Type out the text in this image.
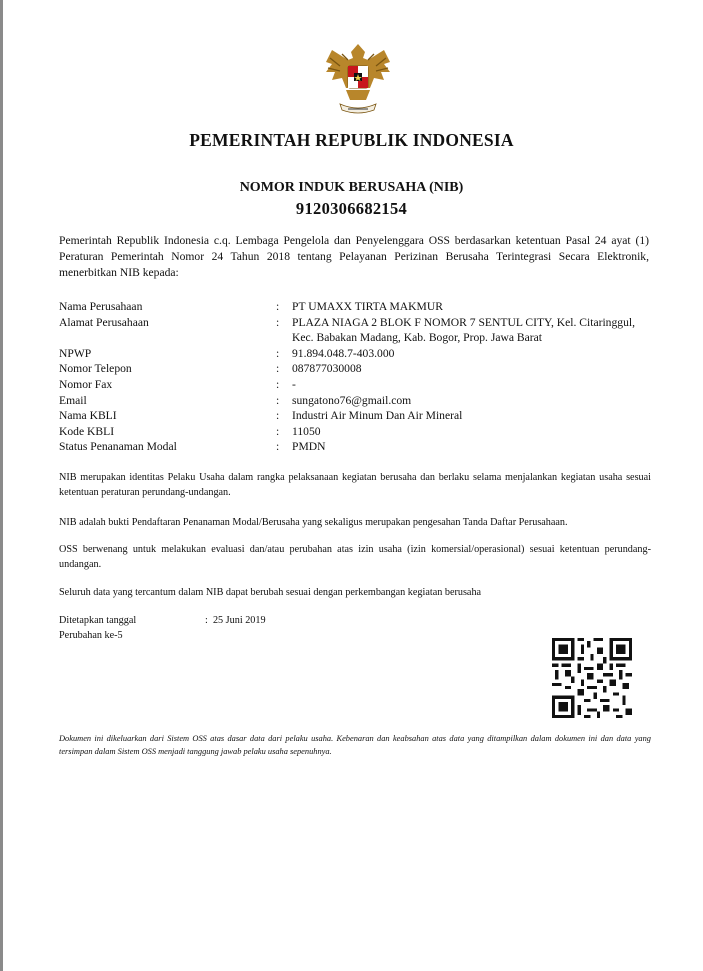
PEMERINTAH REPUBLIK INDONESIA
NOMOR INDUK BERUSAHA (NIB)
9120306682154
Pemerintah Republik Indonesia c.q. Lembaga Pengelola dan Penyelenggara OSS berdasarkan ketentuan Pasal 24 ayat (1) Peraturan Pemerintah Nomor 24 Tahun 2018 tentang Pelayanan Perizinan Berusaha Terintegrasi Secara Elektronik, menerbitkan NIB kepada:
Nama Perusahaan	:	PT UMAXX TIRTA MAKMUR
Alamat Perusahaan	:	PLAZA NIAGA 2 BLOK F NOMOR 7 SENTUL CITY, Kel. Citaringgul, Kec. Babakan Madang, Kab. Bogor, Prop. Jawa Barat
NPWP	:	91.894.048.7-403.000
Nomor Telepon	:	087877030008
Nomor Fax	:	-
Email	:	sungatono76@gmail.com
Nama KBLI	:	Industri Air Minum Dan Air Mineral
Kode KBLI	:	11050
Status Penanaman Modal	:	PMDN
NIB merupakan identitas Pelaku Usaha dalam rangka pelaksanaan kegiatan berusaha dan berlaku selama menjalankan kegiatan usaha sesuai ketentuan peraturan perundang-undangan.
NIB adalah bukti Pendaftaran Penanaman Modal/Berusaha yang sekaligus merupakan pengesahan Tanda Daftar Perusahaan.
OSS berwenang untuk melakukan evaluasi dan/atau perubahan atas izin usaha (izin komersial/operasional) sesuai ketentuan perundang-undangan.
Seluruh data yang tercantum dalam NIB dapat berubah sesuai dengan perkembangan kegiatan berusaha
Ditetapkan tanggal	: 25 Juni 2019
Perubahan ke-5
Dokumen ini dikeluarkan dari Sistem OSS atas dasar data dari pelaku usaha. Kebenaran dan keabsahan atas data yang ditampilkan dalam dokumen ini dan data yang tersimpan dalam Sistem OSS menjadi tanggung jawab pelaku usaha sepenuhnya.
